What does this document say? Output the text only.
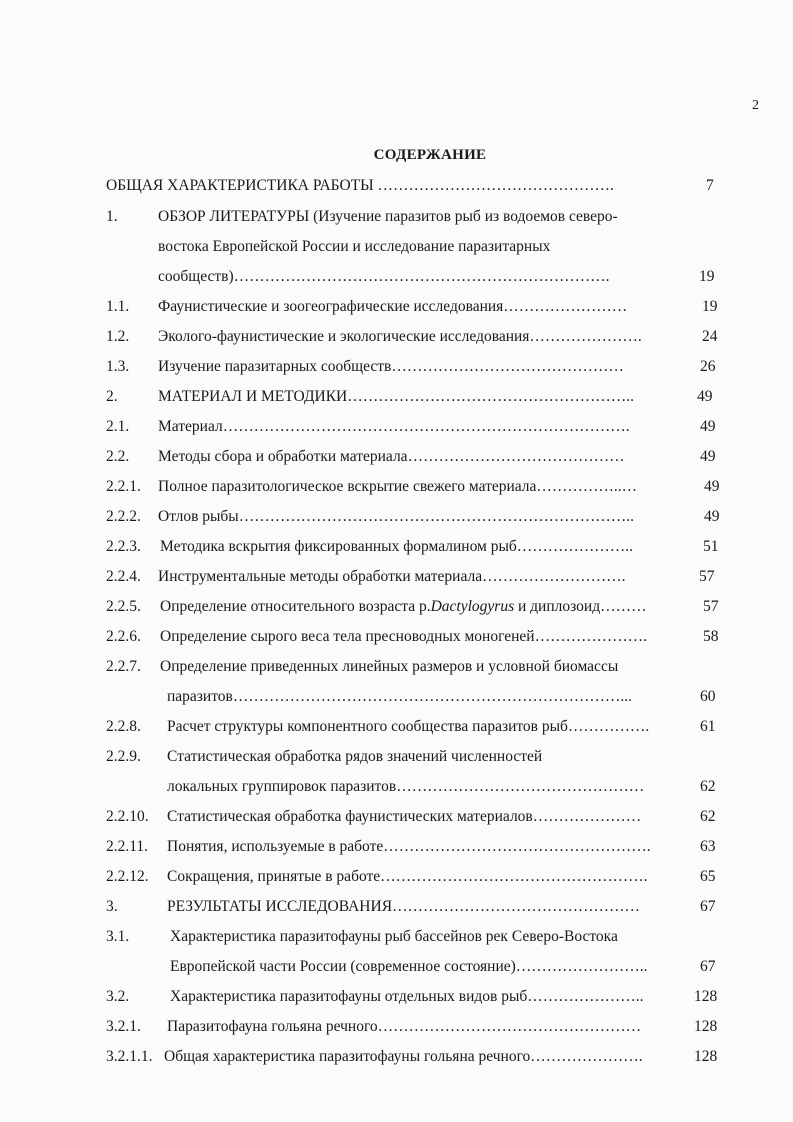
2
СОДЕРЖАНИЕ
ОБЩАЯ ХАРАКТЕРИСТИКА РАБОТЫ ……………………………………….	7
1.	ОБЗОР ЛИТЕРАТУРЫ (Изучение паразитов рыб из водоемов северо-
востока Европейской России и исследование паразитарных
сообществ)……………………………………………………………….	19
1.1. Фаунистические и зоогеографические исследования……………………	19
1.2. Эколого-фаунистические и экологические исследования………………….	24
1.3. Изучение паразитарных сообществ………………………………………	26
2.	МАТЕРИАЛ И МЕТОДИКИ………………………………………………..	49
2.1. Материал…………………………………………………………………….	49
2.2. Методы сбора и обработки материала……………………………………	49
2.2.1. Полное паразитологическое вскрытие свежего материала……………..…	49
2.2.2. Отлов рыбы…………………………………………………………………..	49
2.2.3. Методика вскрытия фиксированных формалином рыб…………………..	51
2.2.4. Инструментальные методы обработки материала……………………….	57
2.2.5. Определение относительного возраста р.Dactylogyrus и диплозоид………	57
2.2.6. Определение сырого веса тела пресноводных моногеней………………….	58
2.2.7. Определение приведенных линейных размеров и условной биомассы
паразитов…………………………………………………………………...	60
2.2.8. Расчет структуры компонентного сообщества паразитов рыб…………….	61
2.2.9. Статистическая обработка рядов значений численностей
локальных группировок паразитов…………………………………………	62
2.2.10. Статистическая обработка фаунистических материалов…………………	62
2.2.11. Понятия, используемые в работе…………………………………………….	63
2.2.12. Сокращения, принятые в работе…………………………………………….	65
3.	РЕЗУЛЬТАТЫ ИССЛЕДОВАНИЯ…………………………………………	67
3.1.	Характеристика паразитофауны рыб бассейнов рек Северо-Востока
Европейской части России (современное состояние)……………………..	67
3.2.	Характеристика паразитофауны отдельных видов рыб…………………..	128
3.2.1. Паразитофауна гольяна речного……………………………………………	128
3.2.1.1. Общая характеристика паразитофауны гольяна речного………………….	128
